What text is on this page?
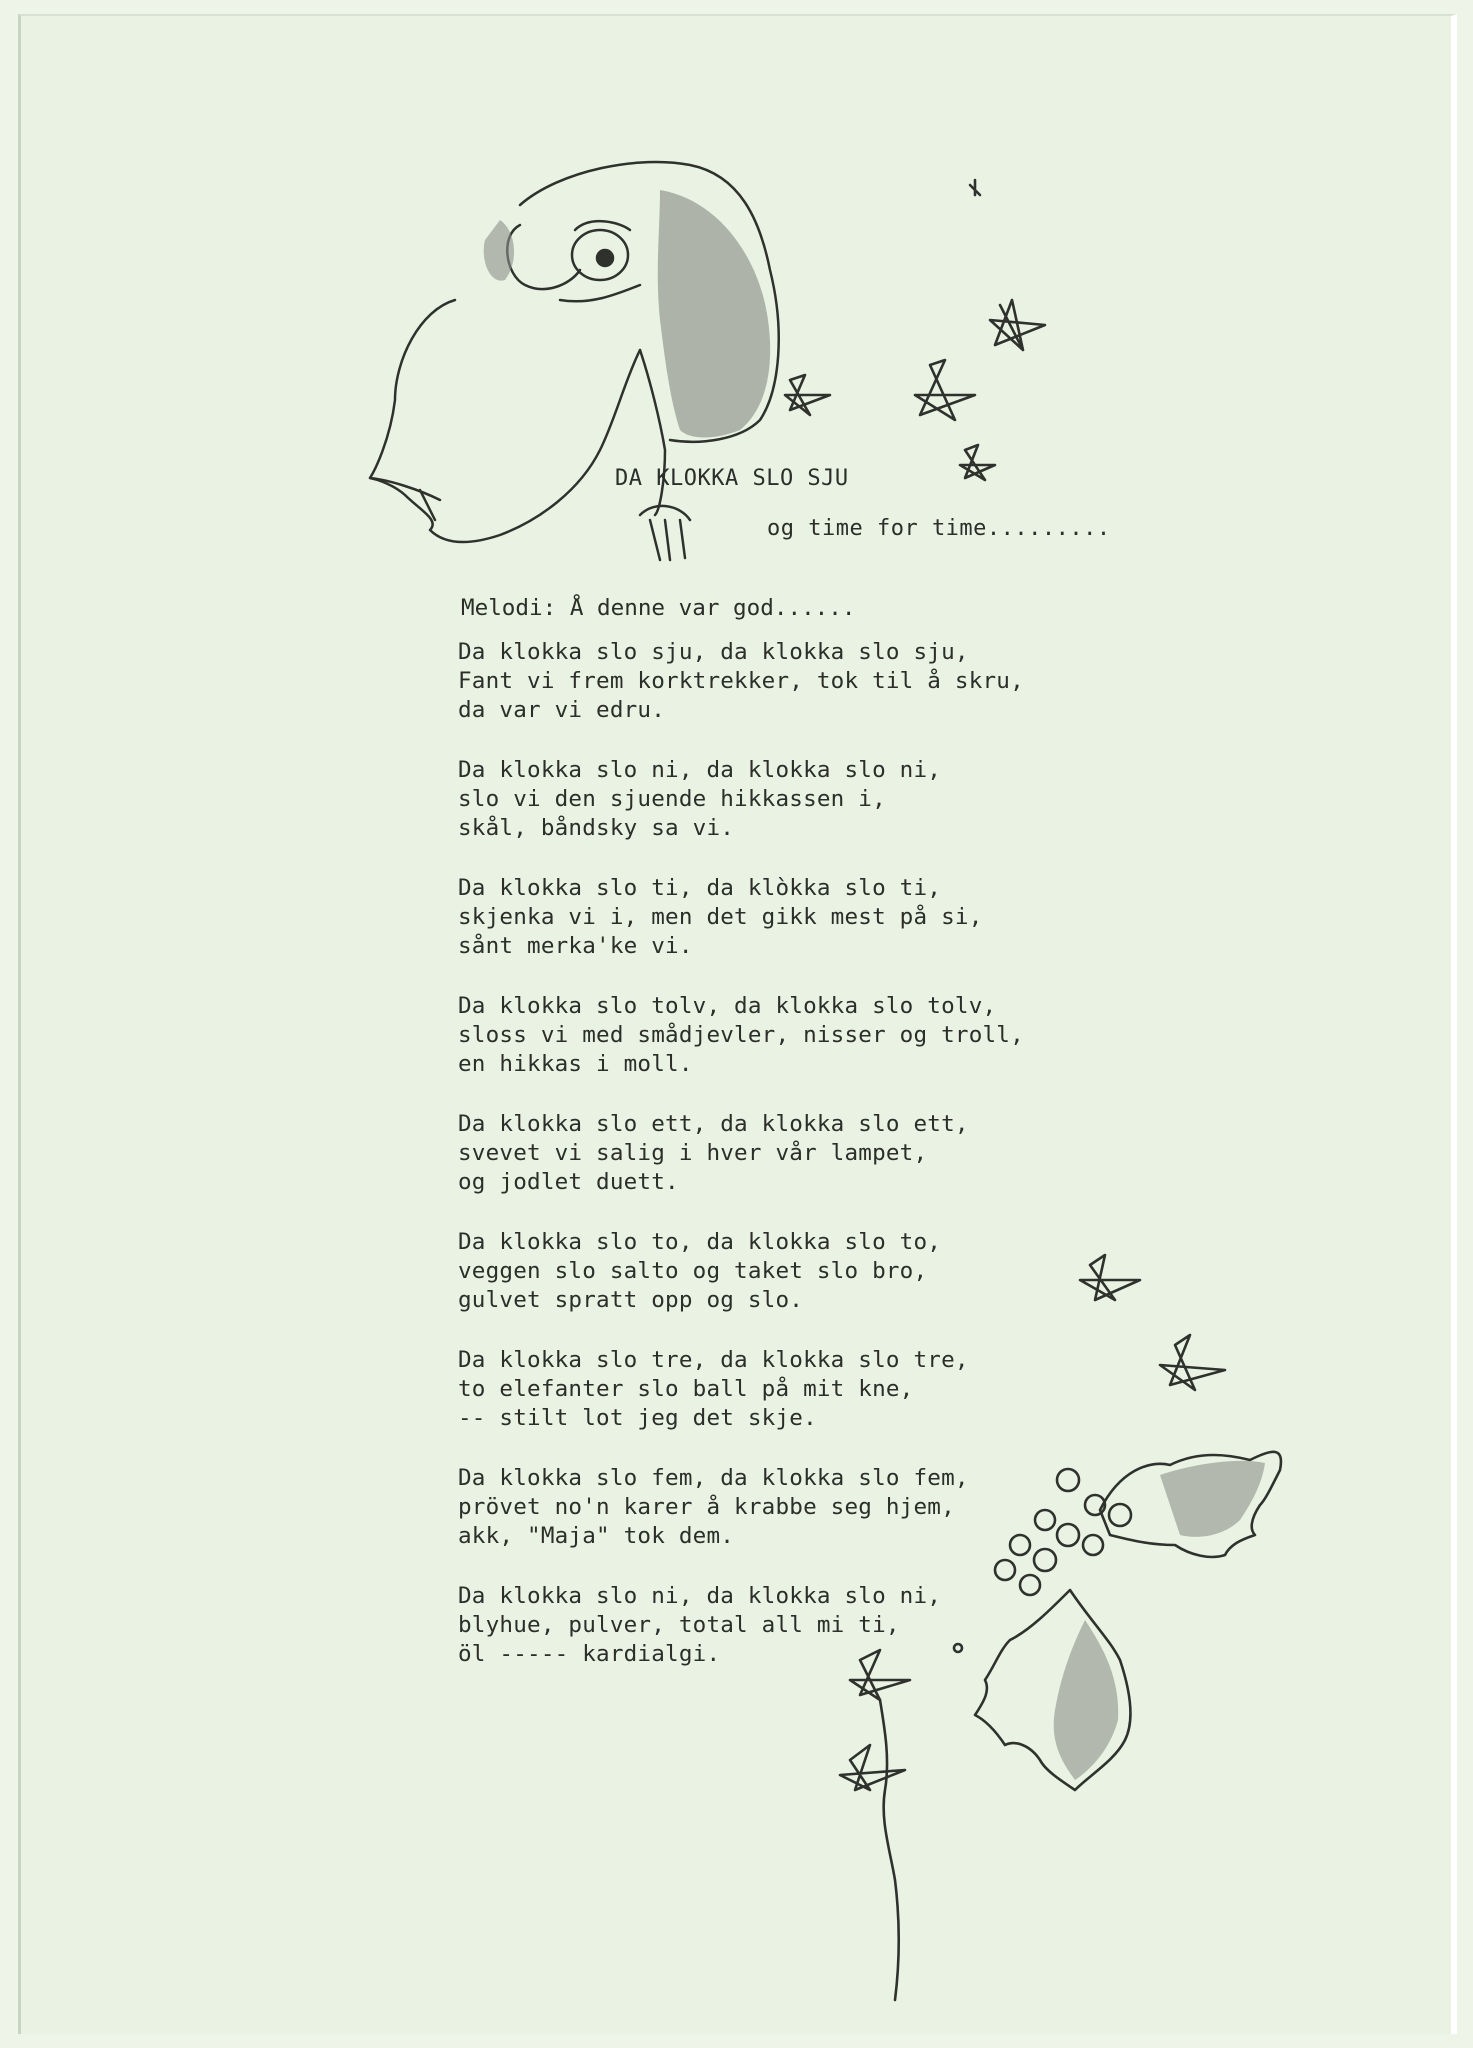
DA KLOKKA SLO SJU
og time for time.........
Melodi: Å denne var god......
Da klokka slo sju, da klokka slo sju,
Fant vi frem korktrekker, tok til å skru,
da var vi edru.
Da klokka slo ni, da klokka slo ni,
slo vi den sjuende hikkassen i,
skål, båndsky sa vi.
Da klokka slo ti, da klòkka slo ti,
skjenka vi i, men det gikk mest på si,
sånt merka'ke vi.
Da klokka slo tolv, da klokka slo tolv,
sloss vi med smådjevler, nisser og troll,
en hikkas i moll.
Da klokka slo ett, da klokka slo ett,
svevet vi salig i hver vår lampet,
og jodlet duett.
Da klokka slo to, da klokka slo to,
veggen slo salto og taket slo bro,
gulvet spratt opp og slo.
Da klokka slo tre, da klokka slo tre,
to elefanter slo ball på mit kne,
-- stilt lot jeg det skje.
Da klokka slo fem, da klokka slo fem,
prövet no'n karer å krabbe seg hjem,
akk, "Maja" tok dem.
Da klokka slo ni, da klokka slo ni,
blyhue, pulver, total all mi ti,
öl ----- kardialgi.
